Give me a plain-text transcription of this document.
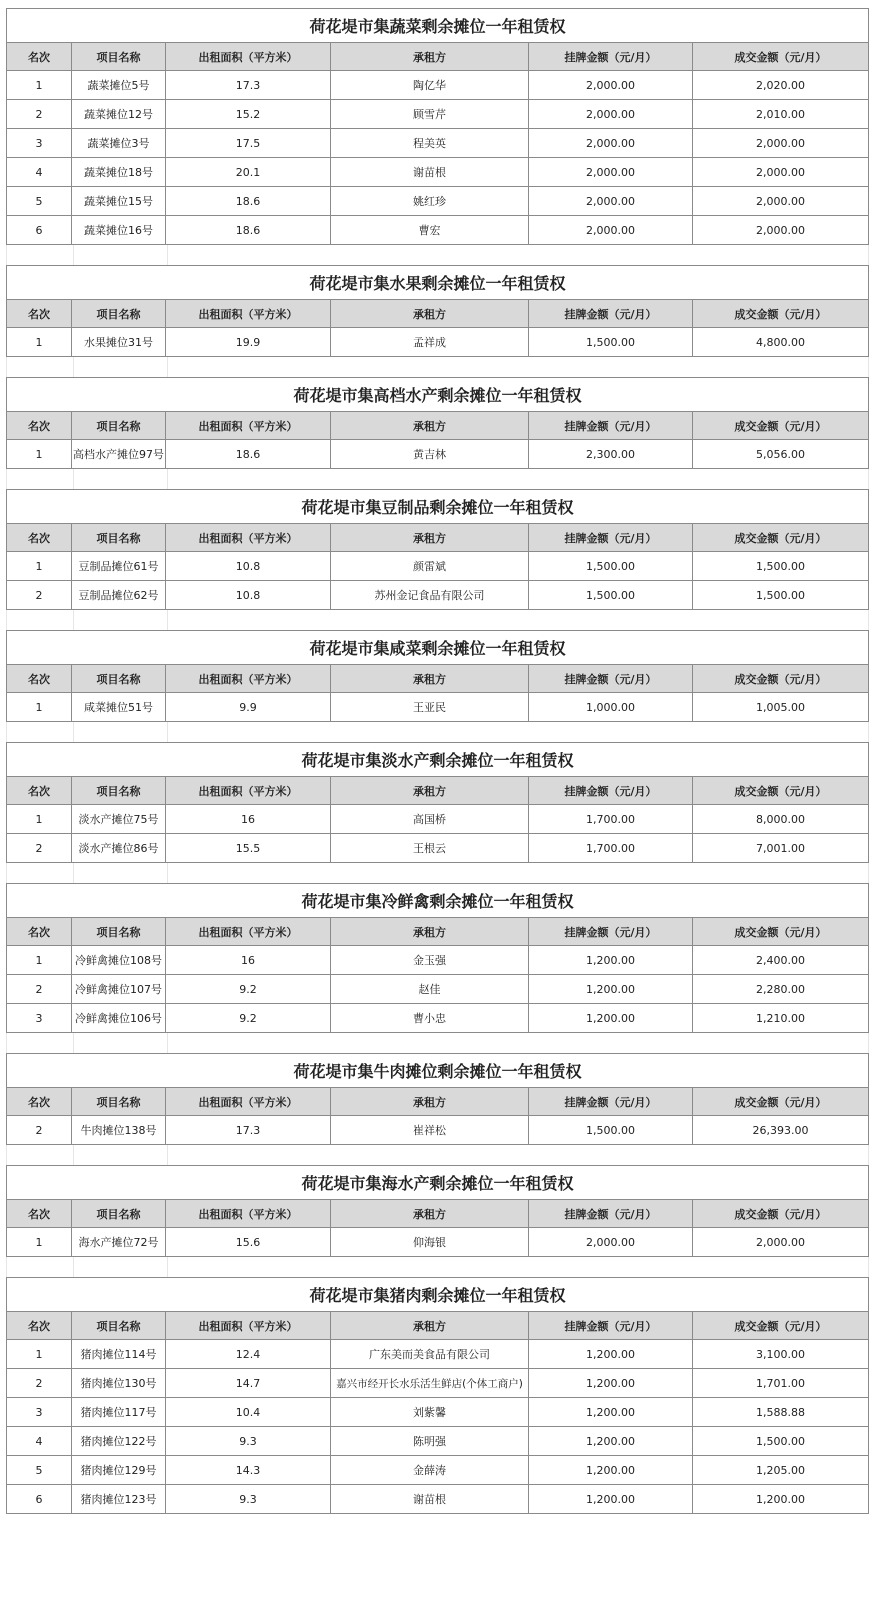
荷花堤市集蔬菜剩余摊位一年租赁权					
名次	项目名称	出租面积（平方米）	承租方	挂牌金额（元/月）	成交金额（元/月）
1	蔬菜摊位5号	17.3	陶亿华	2,000.00	2,020.00
2	蔬菜摊位12号	15.2	顾雪芹	2,000.00	2,010.00
3	蔬菜摊位3号	17.5	程美英	2,000.00	2,000.00
4	蔬菜摊位18号	20.1	谢苗根	2,000.00	2,000.00
5	蔬菜摊位15号	18.6	姚红珍	2,000.00	2,000.00
6	蔬菜摊位16号	18.6	曹宏	2,000.00	2,000.00
荷花堤市集水果剩余摊位一年租赁权					
名次	项目名称	出租面积（平方米）	承租方	挂牌金额（元/月）	成交金额（元/月）
1	水果摊位31号	19.9	孟祥成	1,500.00	4,800.00
荷花堤市集高档水产剩余摊位一年租赁权					
名次	项目名称	出租面积（平方米）	承租方	挂牌金额（元/月）	成交金额（元/月）
1	高档水产摊位97号	18.6	黄吉林	2,300.00	5,056.00
荷花堤市集豆制品剩余摊位一年租赁权					
名次	项目名称	出租面积（平方米）	承租方	挂牌金额（元/月）	成交金额（元/月）
1	豆制品摊位61号	10.8	颜雷斌	1,500.00	1,500.00
2	豆制品摊位62号	10.8	苏州金记食品有限公司	1,500.00	1,500.00
荷花堤市集咸菜剩余摊位一年租赁权					
名次	项目名称	出租面积（平方米）	承租方	挂牌金额（元/月）	成交金额（元/月）
1	咸菜摊位51号	9.9	王亚民	1,000.00	1,005.00
荷花堤市集淡水产剩余摊位一年租赁权					
名次	项目名称	出租面积（平方米）	承租方	挂牌金额（元/月）	成交金额（元/月）
1	淡水产摊位75号	16	高国桥	1,700.00	8,000.00
2	淡水产摊位86号	15.5	王根云	1,700.00	7,001.00
荷花堤市集冷鲜禽剩余摊位一年租赁权					
名次	项目名称	出租面积（平方米）	承租方	挂牌金额（元/月）	成交金额（元/月）
1	冷鲜禽摊位108号	16	金玉强	1,200.00	2,400.00
2	冷鲜禽摊位107号	9.2	赵佳	1,200.00	2,280.00
3	冷鲜禽摊位106号	9.2	曹小忠	1,200.00	1,210.00
荷花堤市集牛肉摊位剩余摊位一年租赁权					
名次	项目名称	出租面积（平方米）	承租方	挂牌金额（元/月）	成交金额（元/月）
2	牛肉摊位138号	17.3	崔祥松	1,500.00	26,393.00
荷花堤市集海水产剩余摊位一年租赁权					
名次	项目名称	出租面积（平方米）	承租方	挂牌金额（元/月）	成交金额（元/月）
1	海水产摊位72号	15.6	仰海银	2,000.00	2,000.00
荷花堤市集猪肉剩余摊位一年租赁权					
名次	项目名称	出租面积（平方米）	承租方	挂牌金额（元/月）	成交金额（元/月）
1	猪肉摊位114号	12.4	广东美而美食品有限公司	1,200.00	3,100.00
2	猪肉摊位130号	14.7	嘉兴市经开长水乐活生鲜店(个体工商户)	1,200.00	1,701.00
3	猪肉摊位117号	10.4	刘紫馨	1,200.00	1,588.88
4	猪肉摊位122号	9.3	陈明强	1,200.00	1,500.00
5	猪肉摊位129号	14.3	金薛涛	1,200.00	1,205.00
6	猪肉摊位123号	9.3	谢苗根	1,200.00	1,200.00
